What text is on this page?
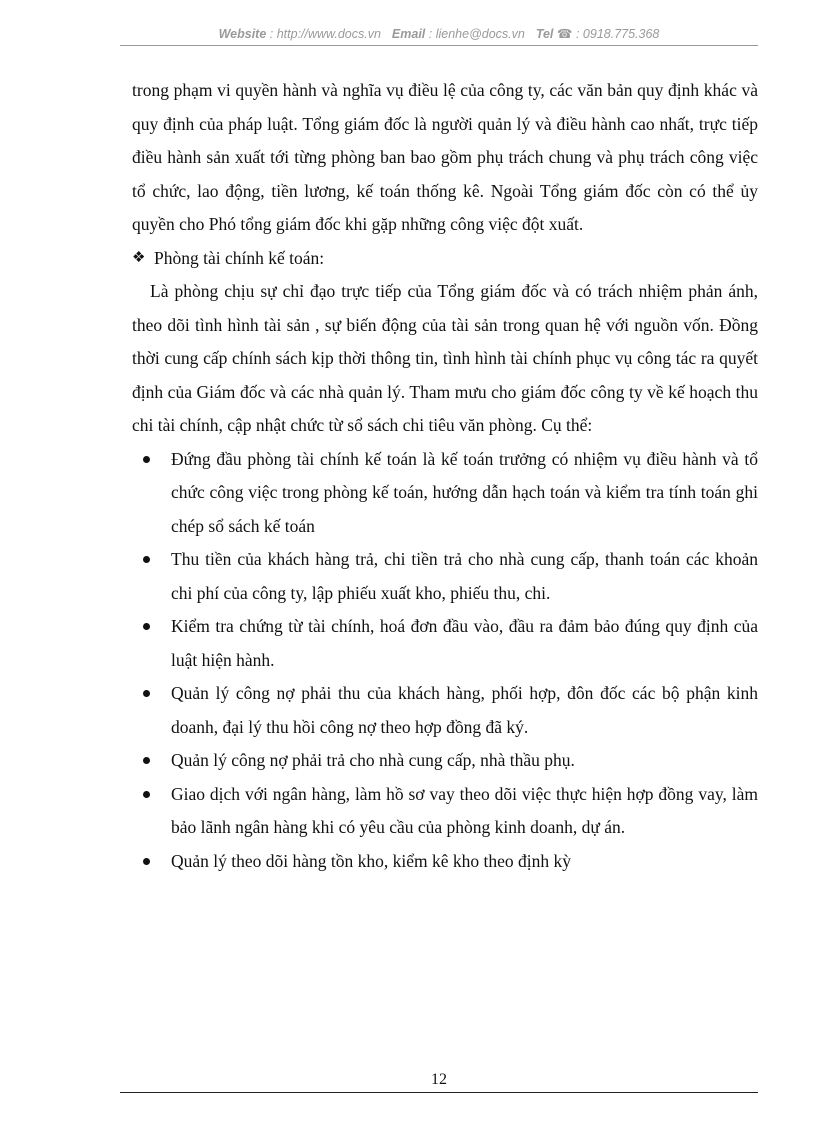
Website : http://www.docs.vn Email : lienhe@docs.vn Tel ☎ : 0918.775.368

trong phạm vi quyền hành và nghĩa vụ điều lệ của công ty, các văn bản quy định khác và quy định của pháp luật. Tổng giám đốc là người quản lý và điều hành cao nhất, trực tiếp điều hành sản xuất tới từng phòng ban bao gồm phụ trách chung và phụ trách công việc tổ chức, lao động, tiền lương, kế toán thống kê. Ngoài Tổng giám đốc còn có thể ủy quyền cho Phó tổng giám đốc khi gặp những công việc đột xuất.

❖ Phòng tài chính kế toán:

Là phòng chịu sự chỉ đạo trực tiếp của Tổng giám đốc và có trách nhiệm phản ánh, theo dõi tình hình tài sản , sự biến động của tài sản trong quan hệ với nguồn vốn. Đồng thời cung cấp chính sách kịp thời thông tin, tình hình tài chính phục vụ công tác ra quyết định của Giám đốc và các nhà quản lý. Tham mưu cho giám đốc công ty về kế hoạch thu chi tài chính, cập nhật chức từ sổ sách chi tiêu văn phòng. Cụ thể:

Đứng đầu phòng tài chính kế toán là kế toán trưởng có nhiệm vụ điều hành và tổ chức công việc trong phòng kế toán, hướng dẫn hạch toán và kiểm tra tính toán ghi chép sổ sách kế toán
Thu tiền của khách hàng trả, chi tiền trả cho nhà cung cấp, thanh toán các khoản chi phí của công ty, lập phiếu xuất kho, phiếu thu, chi.
Kiểm tra chứng từ tài chính, hoá đơn đầu vào, đầu ra đảm bảo đúng quy định của luật hiện hành.
Quản lý công nợ phải thu của khách hàng, phối hợp, đôn đốc các bộ phận kinh doanh, đại lý thu hồi công nợ theo hợp đồng đã ký.
Quản lý công nợ phải trả cho nhà cung cấp, nhà thầu phụ.
Giao dịch với ngân hàng, làm hồ sơ vay theo dõi việc thực hiện hợp đồng vay, làm bảo lãnh ngân hàng khi có yêu cầu của phòng kinh doanh, dự án.
Quản lý theo dõi hàng tồn kho, kiểm kê kho theo định kỳ
12
